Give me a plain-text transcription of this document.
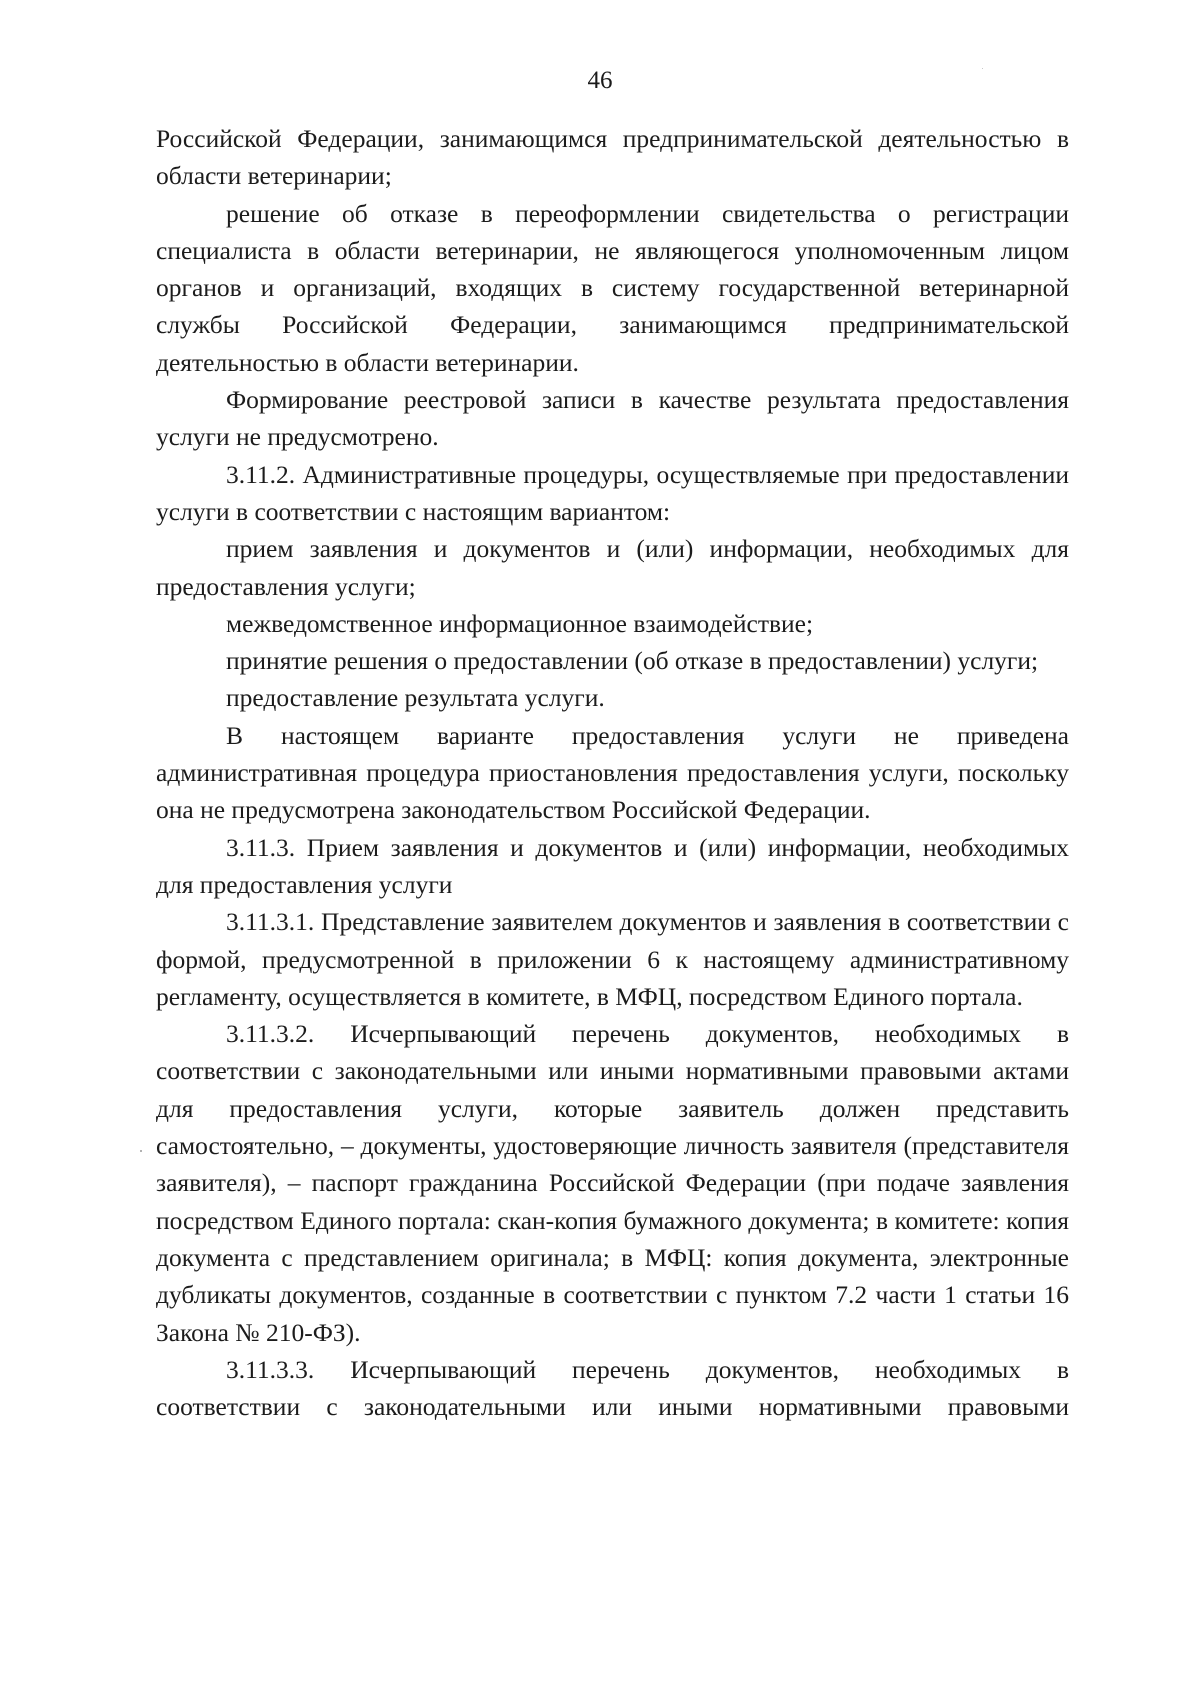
46

Российской Федерации, занимающимся предпринимательской деятельностью в области ветеринарии;

решение об отказе в переоформлении свидетельства о регистрации специалиста в области ветеринарии, не являющегося уполномоченным лицом органов и организаций, входящих в систему государственной ветеринарной службы Российской Федерации, занимающимся предпринимательской деятельностью в области ветеринарии.

Формирование реестровой записи в качестве результата предоставления услуги не предусмотрено.

3.11.2. Административные процедуры, осуществляемые при предоставлении услуги в соответствии с настоящим вариантом:

прием заявления и документов и (или) информации, необходимых для предоставления услуги;

межведомственное информационное взаимодействие;

принятие решения о предоставлении (об отказе в предоставлении) услуги;

предоставление результата услуги.

В настоящем варианте предоставления услуги не приведена административная процедура приостановления предоставления услуги, поскольку она не предусмотрена законодательством Российской Федерации.

3.11.3. Прием заявления и документов и (или) информации, необходимых для предоставления услуги

3.11.3.1. Представление заявителем документов и заявления в соответствии с формой, предусмотренной в приложении 6 к настоящему административному регламенту, осуществляется в комитете, в МФЦ, посредством Единого портала.

3.11.3.2. Исчерпывающий перечень документов, необходимых в соответствии с законодательными или иными нормативными правовыми актами для предоставления услуги, которые заявитель должен представить самостоятельно, – документы, удостоверяющие личность заявителя (представителя заявителя), – паспорт гражданина Российской Федерации (при подаче заявления посредством Единого портала: скан-копия бумажного документа; в комитете: копия документа с представлением оригинала; в МФЦ: копия документа, электронные дубликаты документов, созданные в соответствии с пунктом 7.2 части 1 статьи 16 Закона № 210-ФЗ).

3.11.3.3. Исчерпывающий перечень документов, необходимых в соответствии с законодательными или иными нормативными правовыми
